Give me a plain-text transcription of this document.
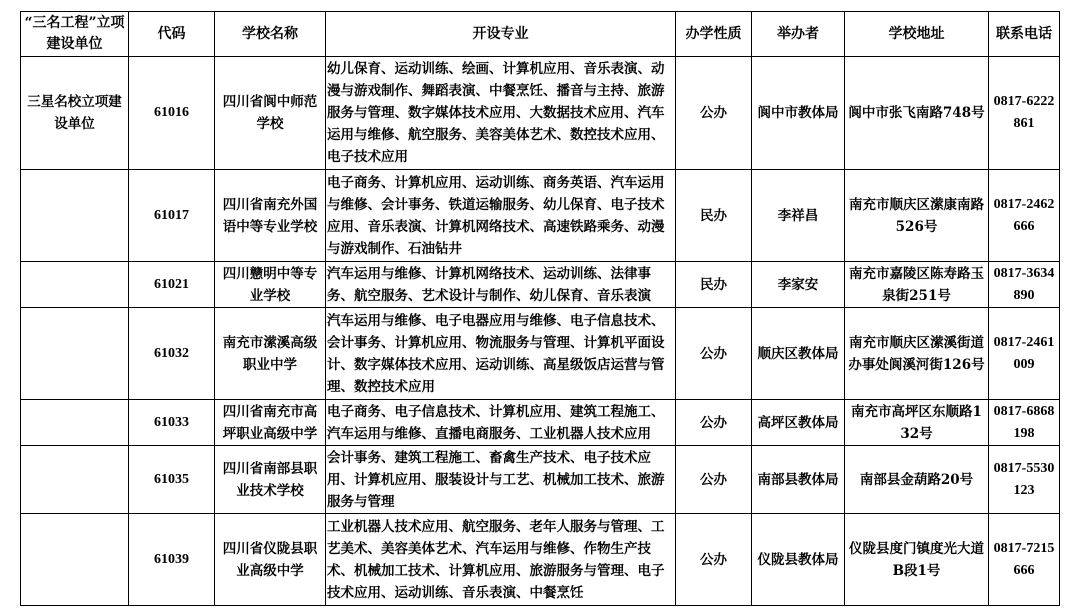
“三名工程”立项建设单位	代码	学校名称	开设专业	办学性质	举办者	学校地址	联系电话
三星名校立项建设单位	61016	四川省阆中师范学校	幼儿保育、运动训练、绘画、计算机应用、音乐表演、动漫与游戏制作、舞蹈表演、中餐烹饪、播音与主持、旅游服务与管理、数字媒体技术应用、大数据技术应用、汽车运用与维修、航空服务、美容美体艺术、数控技术应用、电子技术应用	公办	阆中市教体局	阆中市张飞南路748号	0817-6222861
	61017	四川省南充外国语中等专业学校	电子商务、计算机应用、运动训练、商务英语、汽车运用与维修、会计事务、铁道运输服务、幼儿保育、电子技术应用、音乐表演、计算机网络技术、高速铁路乘务、动漫与游戏制作、石油钻井	民办	李祥昌	南充市顺庆区潆康南路526号	0817-2462666
	61021	四川戆明中等专业学校	汽车运用与维修、计算机网络技术、运动训练、法律事务、航空服务、艺术设计与制作、幼儿保育、音乐表演	民办	李家安	南充市嘉陵区陈寿路玉泉街251号	0817-3634890
	61032	南充市潆溪高级职业中学	汽车运用与维修、电子电器应用与维修、电子信息技术、会计事务、计算机应用、物流服务与管理、计算机平面设计、数字媒体技术应用、运动训练、高星级饭店运营与管理、数控技术应用	公办	顺庆区教体局	南充市顺庆区潆溪街道办事处阆溪河街126号	0817-2461009
	61033	四川省南充市高坪职业高级中学	电子商务、电子信息技术、计算机应用、建筑工程施工、汽车运用与维修、直播电商服务、工业机器人技术应用	公办	高坪区教体局	南充市高坪区东顺路132号	0817-6868198
	61035	四川省南部县职业技术学校	会计事务、建筑工程施工、畜禽生产技术、电子技术应用、计算机应用、服装设计与工艺、机械加工技术、旅游服务与管理	公办	南部县教体局	南部县金葫路20号	0817-5530123
	61039	四川省仪陇县职业高级中学	工业机器人技术应用、航空服务、老年人服务与管理、工艺美术、美容美体艺术、汽车运用与维修、作物生产技术、机械加工技术、计算机应用、旅游服务与管理、电子技术应用、运动训练、音乐表演、中餐烹饪	公办	仪陇县教体局	仪陇县度门镇度光大道B段1号	0817-7215666
